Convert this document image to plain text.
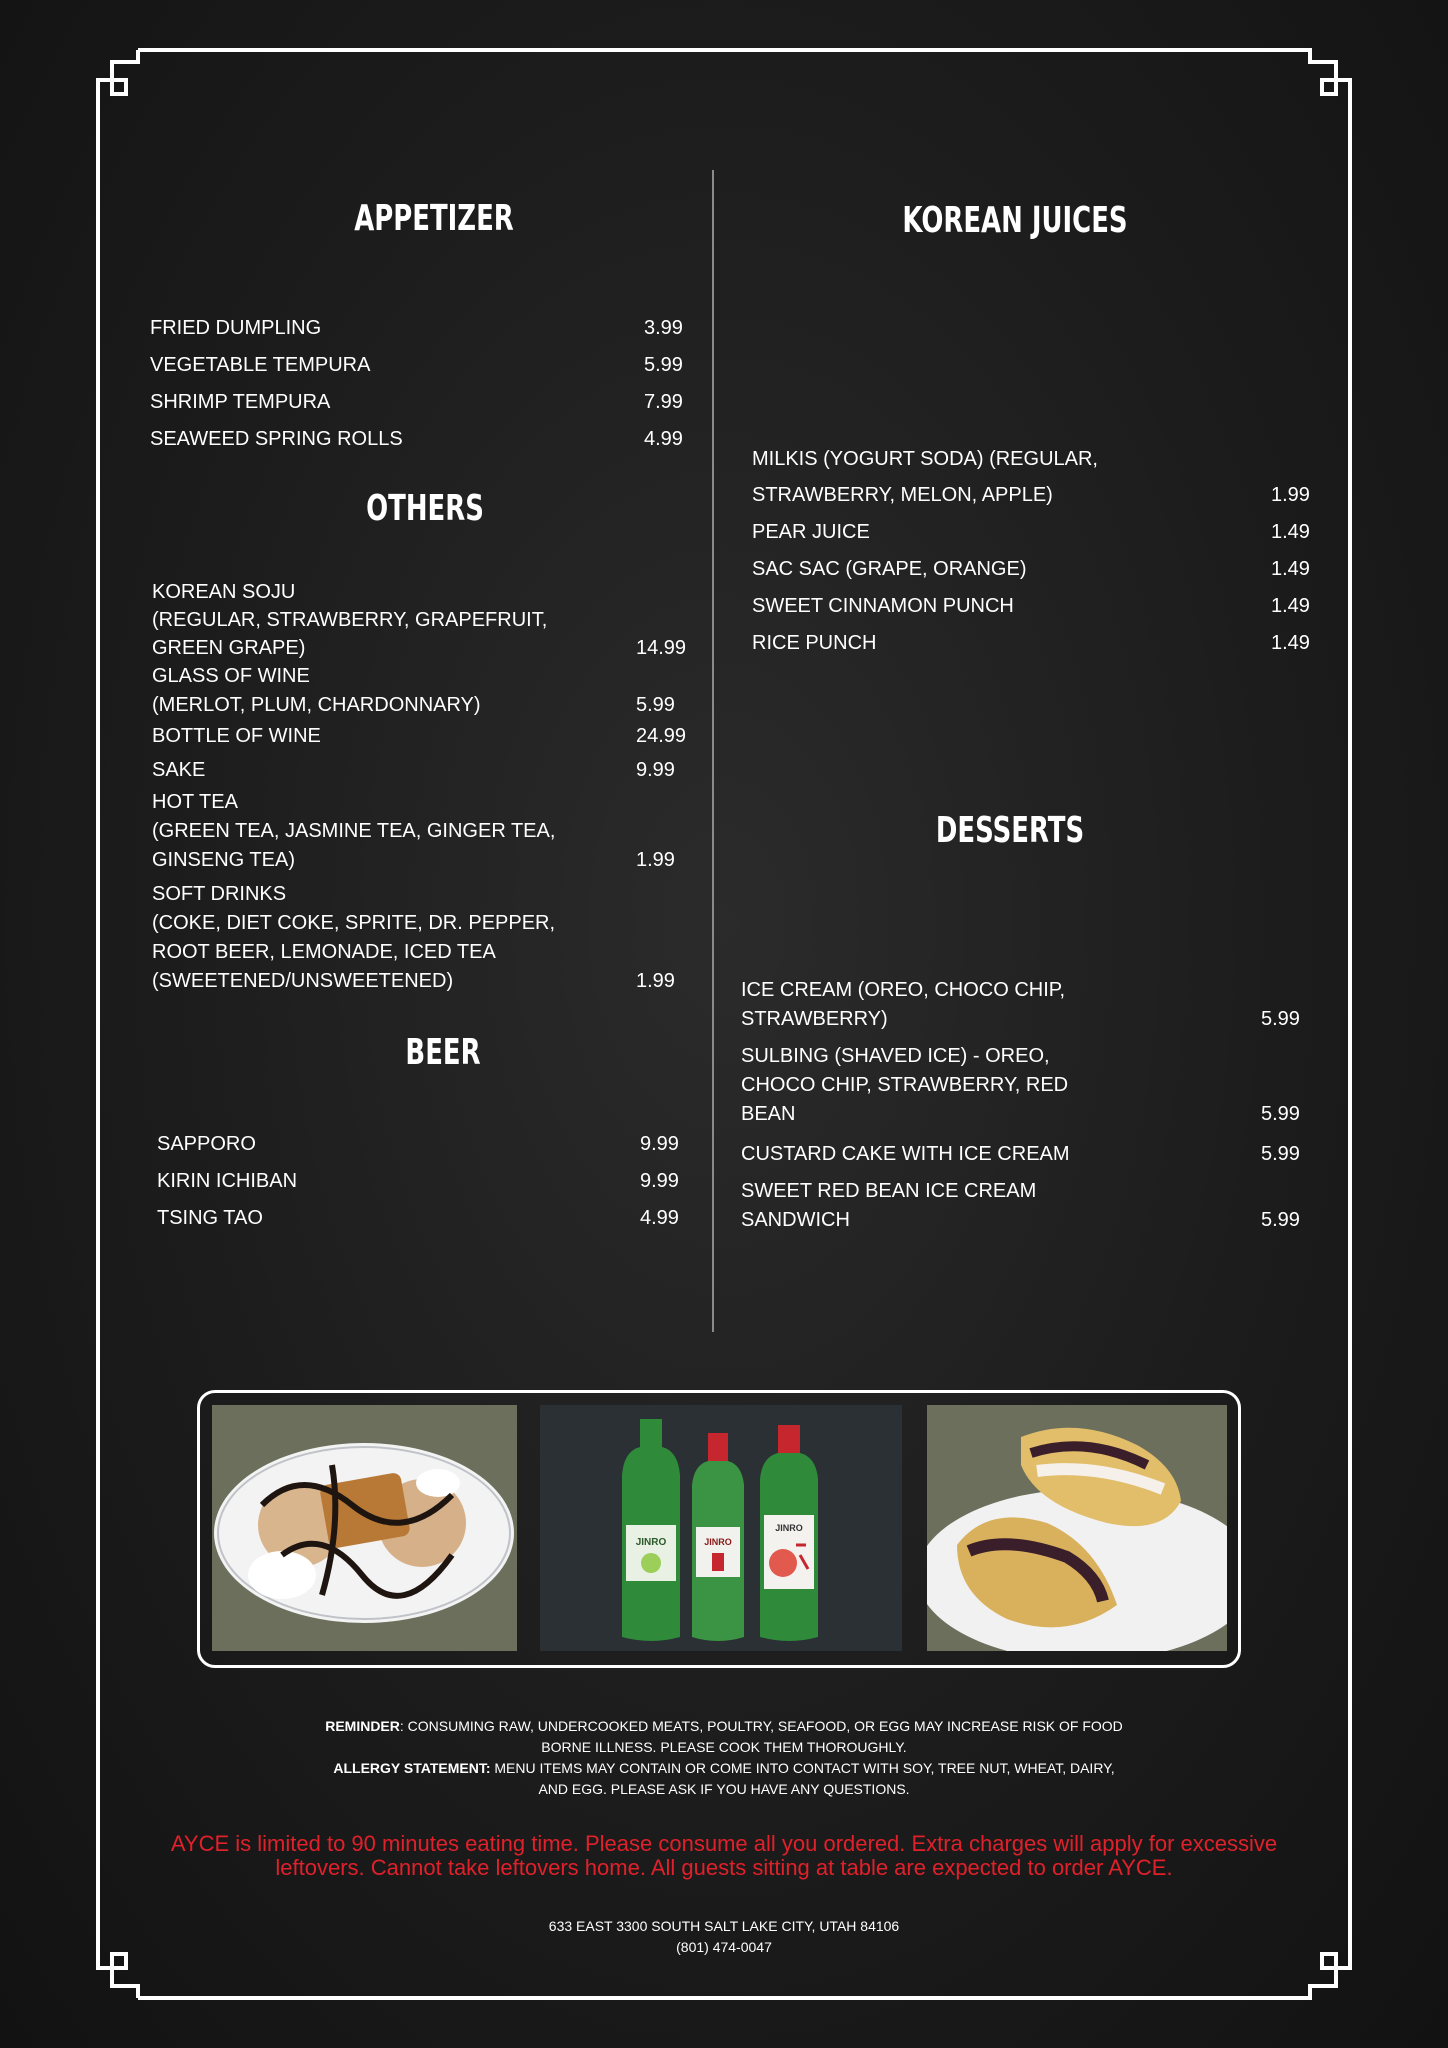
APPETIZER
FRIED DUMPLING	3.99
VEGETABLE TEMPURA	5.99
SHRIMP TEMPURA	7.99
SEAWEED SPRING ROLLS	4.99
OTHERS
KOREAN SOJU
(REGULAR, STRAWBERRY, GRAPEFRUIT,
GREEN GRAPE)	14.99
GLASS OF WINE
(MERLOT, PLUM, CHARDONNARY)	5.99
BOTTLE OF WINE	24.99
SAKE	9.99
HOT TEA
(GREEN TEA, JASMINE TEA, GINGER TEA,
GINSENG TEA)	1.99
SOFT DRINKS
(COKE, DIET COKE, SPRITE, DR. PEPPER,
ROOT BEER, LEMONADE, ICED TEA
(SWEETENED/UNSWEETENED)	1.99
BEER
SAPPORO	9.99
KIRIN ICHIBAN	9.99
TSING TAO	4.99
KOREAN JUICES
MILKIS (YOGURT SODA) (REGULAR,
STRAWBERRY, MELON, APPLE)	1.99
PEAR JUICE	1.49
SAC SAC (GRAPE, ORANGE)	1.49
SWEET CINNAMON PUNCH	1.49
RICE PUNCH	1.49
DESSERTS
ICE CREAM (OREO, CHOCO CHIP,
STRAWBERRY)	5.99
SULBING (SHAVED ICE) - OREO,
CHOCO CHIP, STRAWBERRY, RED
BEAN	5.99
CUSTARD CAKE WITH ICE CREAM	5.99
SWEET RED BEAN ICE CREAM
SANDWICH	5.99
JINRO	JINRO
JINRO
REMINDER: CONSUMING RAW, UNDERCOOKED MEATS, POULTRY, SEAFOOD, OR EGG MAY INCREASE RISK OF FOOD BORNE ILLNESS. PLEASE COOK THEM THOROUGHLY.
ALLERGY STATEMENT: MENU ITEMS MAY CONTAIN OR COME INTO CONTACT WITH SOY, TREE NUT, WHEAT, DAIRY, AND EGG. PLEASE ASK IF YOU HAVE ANY QUESTIONS.
AYCE is limited to 90 minutes eating time. Please consume all you ordered. Extra charges will apply for excessive leftovers. Cannot take leftovers home. All guests sitting at table are expected to order AYCE.
633 EAST 3300 SOUTH SALT LAKE CITY, UTAH 84106
(801) 474-0047
